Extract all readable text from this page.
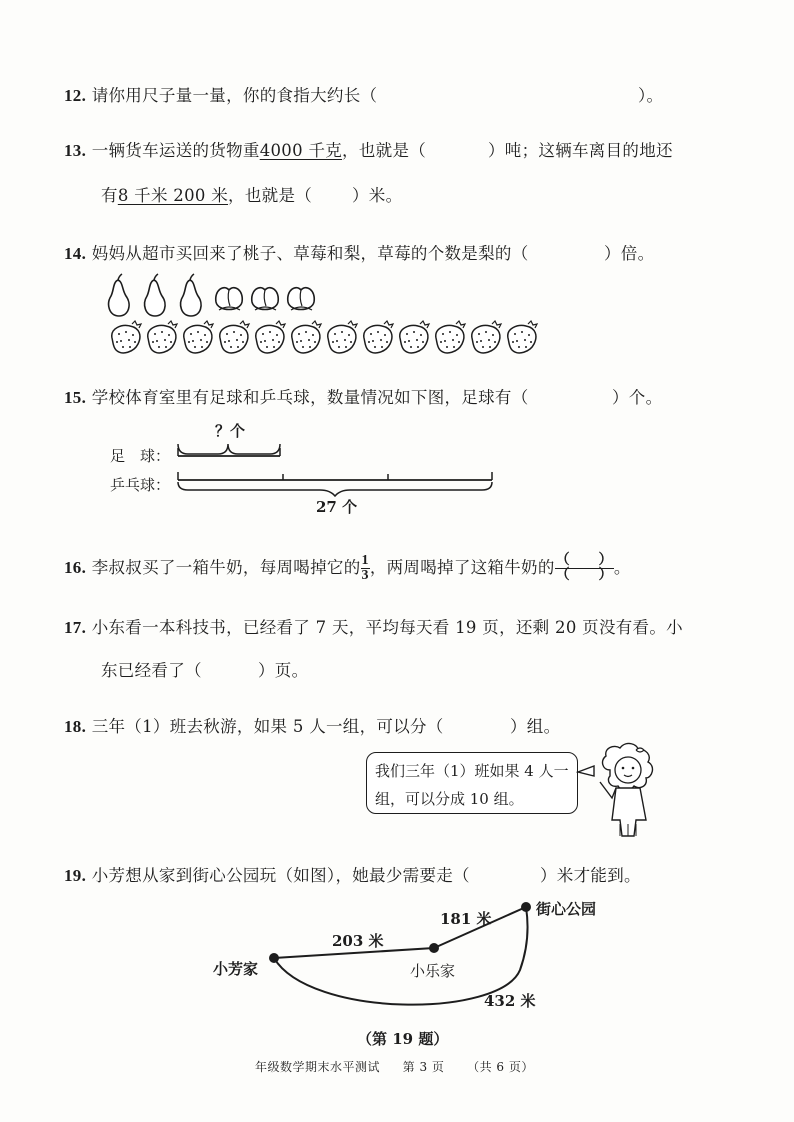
12. 请你用尺子量一量，你的食指大约长（	）。
13. 一辆货车运送的货物重4000 千克，也就是（	）吨；这辆车离目的地还
有8 千米 200 米，也就是（ ）米。
14. 妈妈从超市买回来了桃子、草莓和梨，草莓的个数是梨的（	）倍。
15. 学校体育室里有足球和乒乓球，数量情况如下图，足球有（	）个。
？个
足　球：
乒乓球：
27 个
16. 李叔叔买了一箱牛奶，每周喝掉它的 $\frac{1}{3}$ ，两周喝掉了这箱牛奶的 $\frac{( )}{( )}$ 。
17. 小东看一本科技书，已经看了 7 天，平均每天看 19 页，还剩 20 页没有看。小
东已经看了（	）页。
18. 三年（1）班去秋游，如果 5 人一组，可以分（	）组。
我们三年（1）班如果 4 人一
组，可以分成 10 组。
19. 小芳想从家到街心公园玩（如图），她最少需要走（	）米才能到。
小芳家	小乐家
街心公园
203 米
181 米
432 米
（第 19 题）
年级数学期末水平测试 第 3 页 （共 6 页）
